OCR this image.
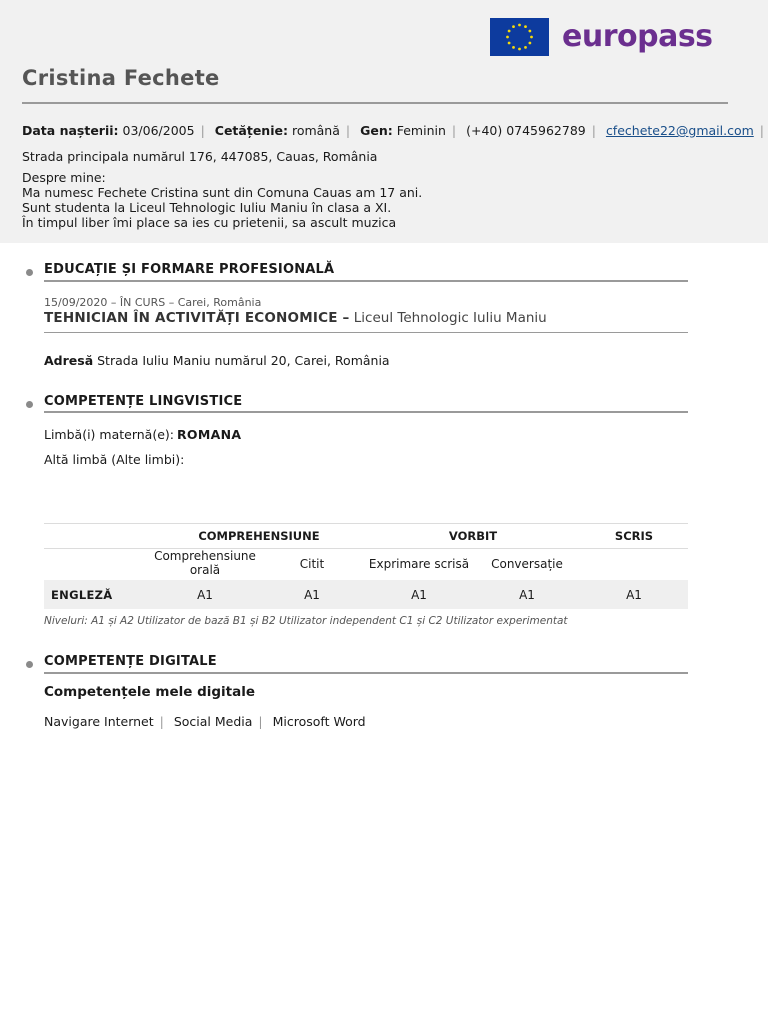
europass
Cristina Fechete
Data nașterii: 03/06/2005 | Cetățenie: română | Gen: Feminin | (+40) 0745962789 | cfechete22@gmail.com |
Strada principala numărul 176, 447085, Cauas, România
Despre mine:
Ma numesc Fechete Cristina sunt din Comuna Cauas am 17 ani.
Sunt studenta la Liceul Tehnologic Iuliu Maniu în clasa a XI.
În timpul liber îmi place sa ies cu prietenii, sa ascult muzica
EDUCAȚIE ȘI FORMARE PROFESIONALĂ
15/09/2020 – ÎN CURS – Carei, România
TEHNICIAN ÎN ACTIVITĂȚI ECONOMICE – Liceul Tehnologic Iuliu Maniu
Adresă Strada Iuliu Maniu numărul 20, Carei, România
COMPETENȚE LINGVISTICE
Limbă(i) maternă(e): ROMANA
Altă limbă (Alte limbi):
COMPREHENSIUNE	VORBIT	SCRIS
Comprehensiune orală	Citit	Exprimare scrisă	Conversație
ENGLEZĂ	A1	A1	A1	A1	A1
Niveluri: A1 și A2 Utilizator de bază B1 și B2 Utilizator independent C1 și C2 Utilizator experimentat
COMPETENȚE DIGITALE
Competențele mele digitale
Navigare Internet | Social Media | Microsoft Word
